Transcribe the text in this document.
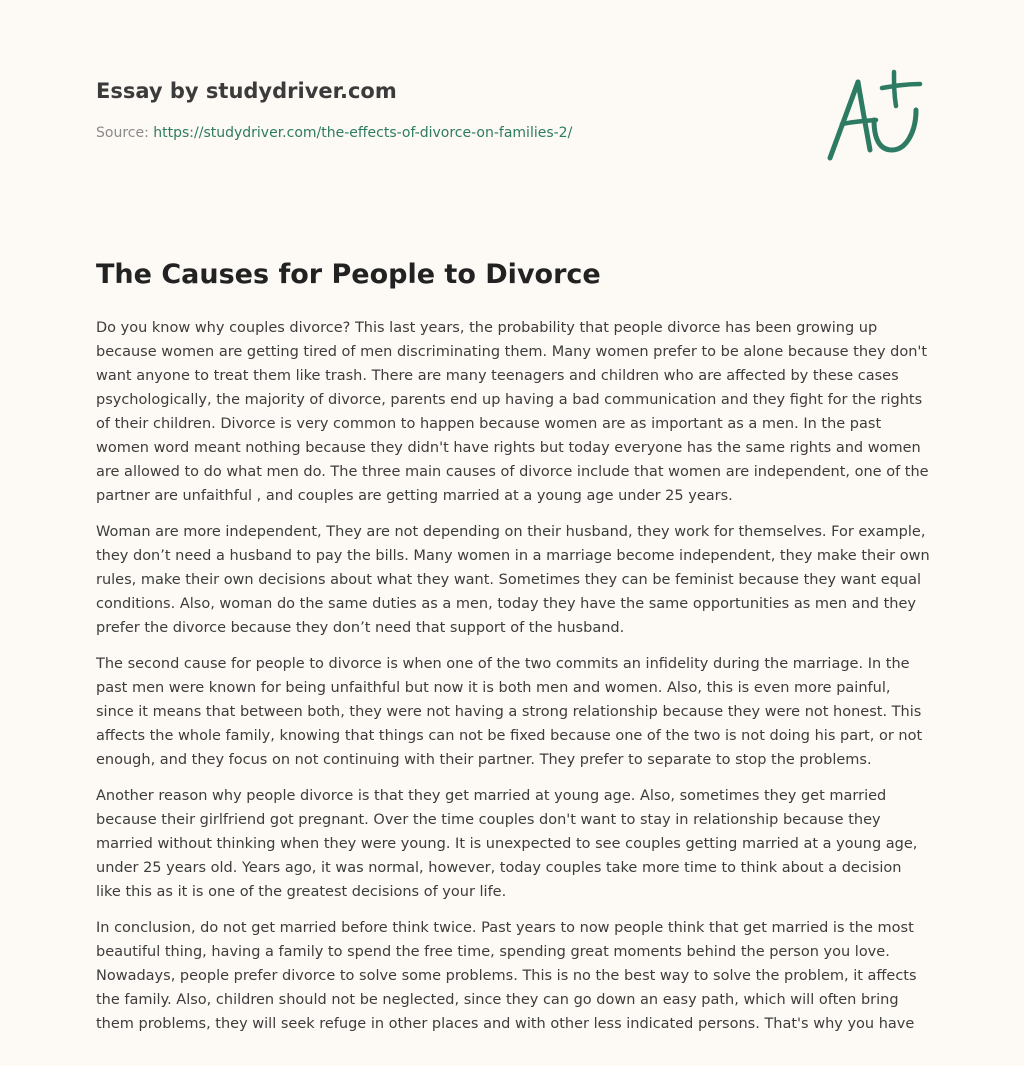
Essay by studydriver.com
Source: https://studydriver.com/the-effects-of-divorce-on-families-2/
The Causes for People to Divorce

Do you know why couples divorce? This last years, the probability that people divorce has been growing up because women are getting tired of men discriminating them. Many women prefer to be alone because they don't want anyone to treat them like trash. There are many teenagers and children who are affected by these cases psychologically, the majority of divorce, parents end up having a bad communication and they fight for the rights of their children. Divorce is very common to happen because women are as important as a men. In the past women word meant nothing because they didn't have rights but today everyone has the same rights and women are allowed to do what men do. The three main causes of divorce include that women are independent, one of the partner are unfaithful , and couples are getting married at a young age under 25 years.

Woman are more independent, They are not depending on their husband, they work for themselves. For example, they don’t need a husband to pay the bills. Many women in a marriage become independent, they make their own rules, make their own decisions about what they want. Sometimes they can be feminist because they want equal conditions. Also, woman do the same duties as a men, today they have the same opportunities as men and they prefer the divorce because they don’t need that support of the husband.

The second cause for people to divorce is when one of the two commits an infidelity during the marriage. In the past men were known for being unfaithful but now it is both men and women. Also, this is even more painful, since it means that between both, they were not having a strong relationship because they were not honest. This affects the whole family, knowing that things can not be fixed because one of the two is not doing his part, or not enough, and they focus on not continuing with their partner. They prefer to separate to stop the problems.

Another reason why people divorce is that they get married at young age. Also, sometimes they get married because their girlfriend got pregnant. Over the time couples don't want to stay in relationship because they married without thinking when they were young. It is unexpected to see couples getting married at a young age, under 25 years old. Years ago, it was normal, however, today couples take more time to think about a decision like this as it is one of the greatest decisions of your life.

In conclusion, do not get married before think twice. Past years to now people think that get married is the most beautiful thing, having a family to spend the free time, spending great moments behind the person you love. Nowadays, people prefer divorce to solve some problems. This is no the best way to solve the problem, it affects the family. Also, children should not be neglected, since they can go down an easy path, which will often bring them problems, they will seek refuge in other places and with other less indicated persons. That's why you have
